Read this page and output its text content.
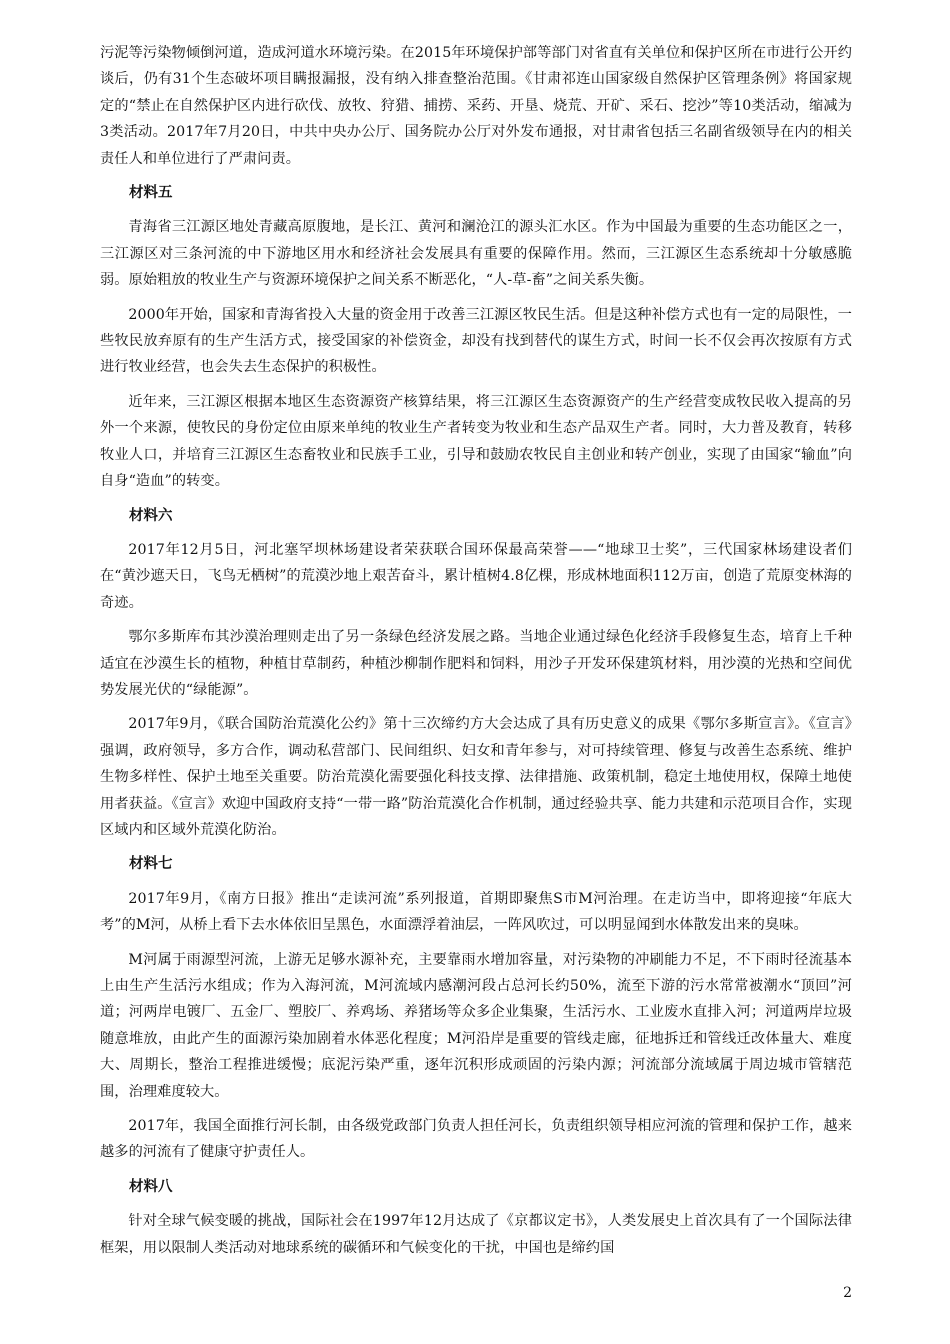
污泥等污染物倾倒河道，造成河道水环境污染。在2015年环境保护部等部门对省直有关单位和保护区所在市进行公开约谈后，仍有31个生态破坏项目瞒报漏报，没有纳入排查整治范围。《甘肃祁连山国家级自然保护区管理条例》将国家规定的“禁止在自然保护区内进行砍伐、放牧、狩猎、捕捞、采药、开垦、烧荒、开矿、采石、挖沙”等10类活动，缩减为3类活动。2017年7月20日，中共中央办公厅、国务院办公厅对外发布通报，对甘肃省包括三名副省级领导在内的相关责任人和单位进行了严肃问责。

材料五

青海省三江源区地处青藏高原腹地，是长江、黄河和澜沧江的源头汇水区。作为中国最为重要的生态功能区之一，三江源区对三条河流的中下游地区用水和经济社会发展具有重要的保障作用。然而，三江源区生态系统却十分敏感脆弱。原始粗放的牧业生产与资源环境保护之间关系不断恶化，“人-草-畜”之间关系失衡。

2000年开始，国家和青海省投入大量的资金用于改善三江源区牧民生活。但是这种补偿方式也有一定的局限性，一些牧民放弃原有的生产生活方式，接受国家的补偿资金，却没有找到替代的谋生方式，时间一长不仅会再次按原有方式进行牧业经营，也会失去生态保护的积极性。

近年来，三江源区根据本地区生态资源资产核算结果，将三江源区生态资源资产的生产经营变成牧民收入提高的另外一个来源，使牧民的身份定位由原来单纯的牧业生产者转变为牧业和生态产品双生产者。同时，大力普及教育，转移牧业人口，并培育三江源区生态畜牧业和民族手工业，引导和鼓励农牧民自主创业和转产创业，实现了由国家“输血”向自身“造血”的转变。

材料六

2017年12月5日，河北塞罕坝林场建设者荣获联合国环保最高荣誉——“地球卫士奖”，三代国家林场建设者们在“黄沙遮天日，飞鸟无栖树”的荒漠沙地上艰苦奋斗，累计植树4.8亿棵，形成林地面积112万亩，创造了荒原变林海的奇迹。

鄂尔多斯库布其沙漠治理则走出了另一条绿色经济发展之路。当地企业通过绿色化经济手段修复生态，培育上千种适宜在沙漠生长的植物，种植甘草制药，种植沙柳制作肥料和饲料，用沙子开发环保建筑材料，用沙漠的光热和空间优势发展光伏的“绿能源”。

2017年9月，《联合国防治荒漠化公约》第十三次缔约方大会达成了具有历史意义的成果《鄂尔多斯宣言》。《宣言》强调，政府领导，多方合作，调动私营部门、民间组织、妇女和青年参与，对可持续管理、修复与改善生态系统、维护生物多样性、保护土地至关重要。防治荒漠化需要强化科技支撑、法律措施、政策机制，稳定土地使用权，保障土地使用者获益。《宣言》欢迎中国政府支持“一带一路”防治荒漠化合作机制，通过经验共享、能力共建和示范项目合作，实现区域内和区域外荒漠化防治。

材料七

2017年9月，《南方日报》推出“走读河流”系列报道，首期即聚焦S市M河治理。在走访当中，即将迎接“年底大考”的M河，从桥上看下去水体依旧呈黑色，水面漂浮着油层，一阵风吹过，可以明显闻到水体散发出来的臭味。

M河属于雨源型河流，上游无足够水源补充，主要靠雨水增加容量，对污染物的冲刷能力不足，不下雨时径流基本上由生产生活污水组成；作为入海河流，M河流域内感潮河段占总河长约50%，流至下游的污水常常被潮水“顶回”河道；河两岸电镀厂、五金厂、塑胶厂、养鸡场、养猪场等众多企业集聚，生活污水、工业废水直排入河；河道两岸垃圾随意堆放，由此产生的面源污染加剧着水体恶化程度；M河沿岸是重要的管线走廊，征地拆迁和管线迁改体量大、难度大、周期长，整治工程推进缓慢；底泥污染严重，逐年沉积形成顽固的污染内源；河流部分流域属于周边城市管辖范围，治理难度较大。

2017年，我国全面推行河长制，由各级党政部门负责人担任河长，负责组织领导相应河流的管理和保护工作，越来越多的河流有了健康守护责任人。

材料八

针对全球气候变暖的挑战，国际社会在1997年12月达成了《京都议定书》，人类发展史上首次具有了一个国际法律框架，用以限制人类活动对地球系统的碳循环和气候变化的干扰，中国也是缔约国

2
